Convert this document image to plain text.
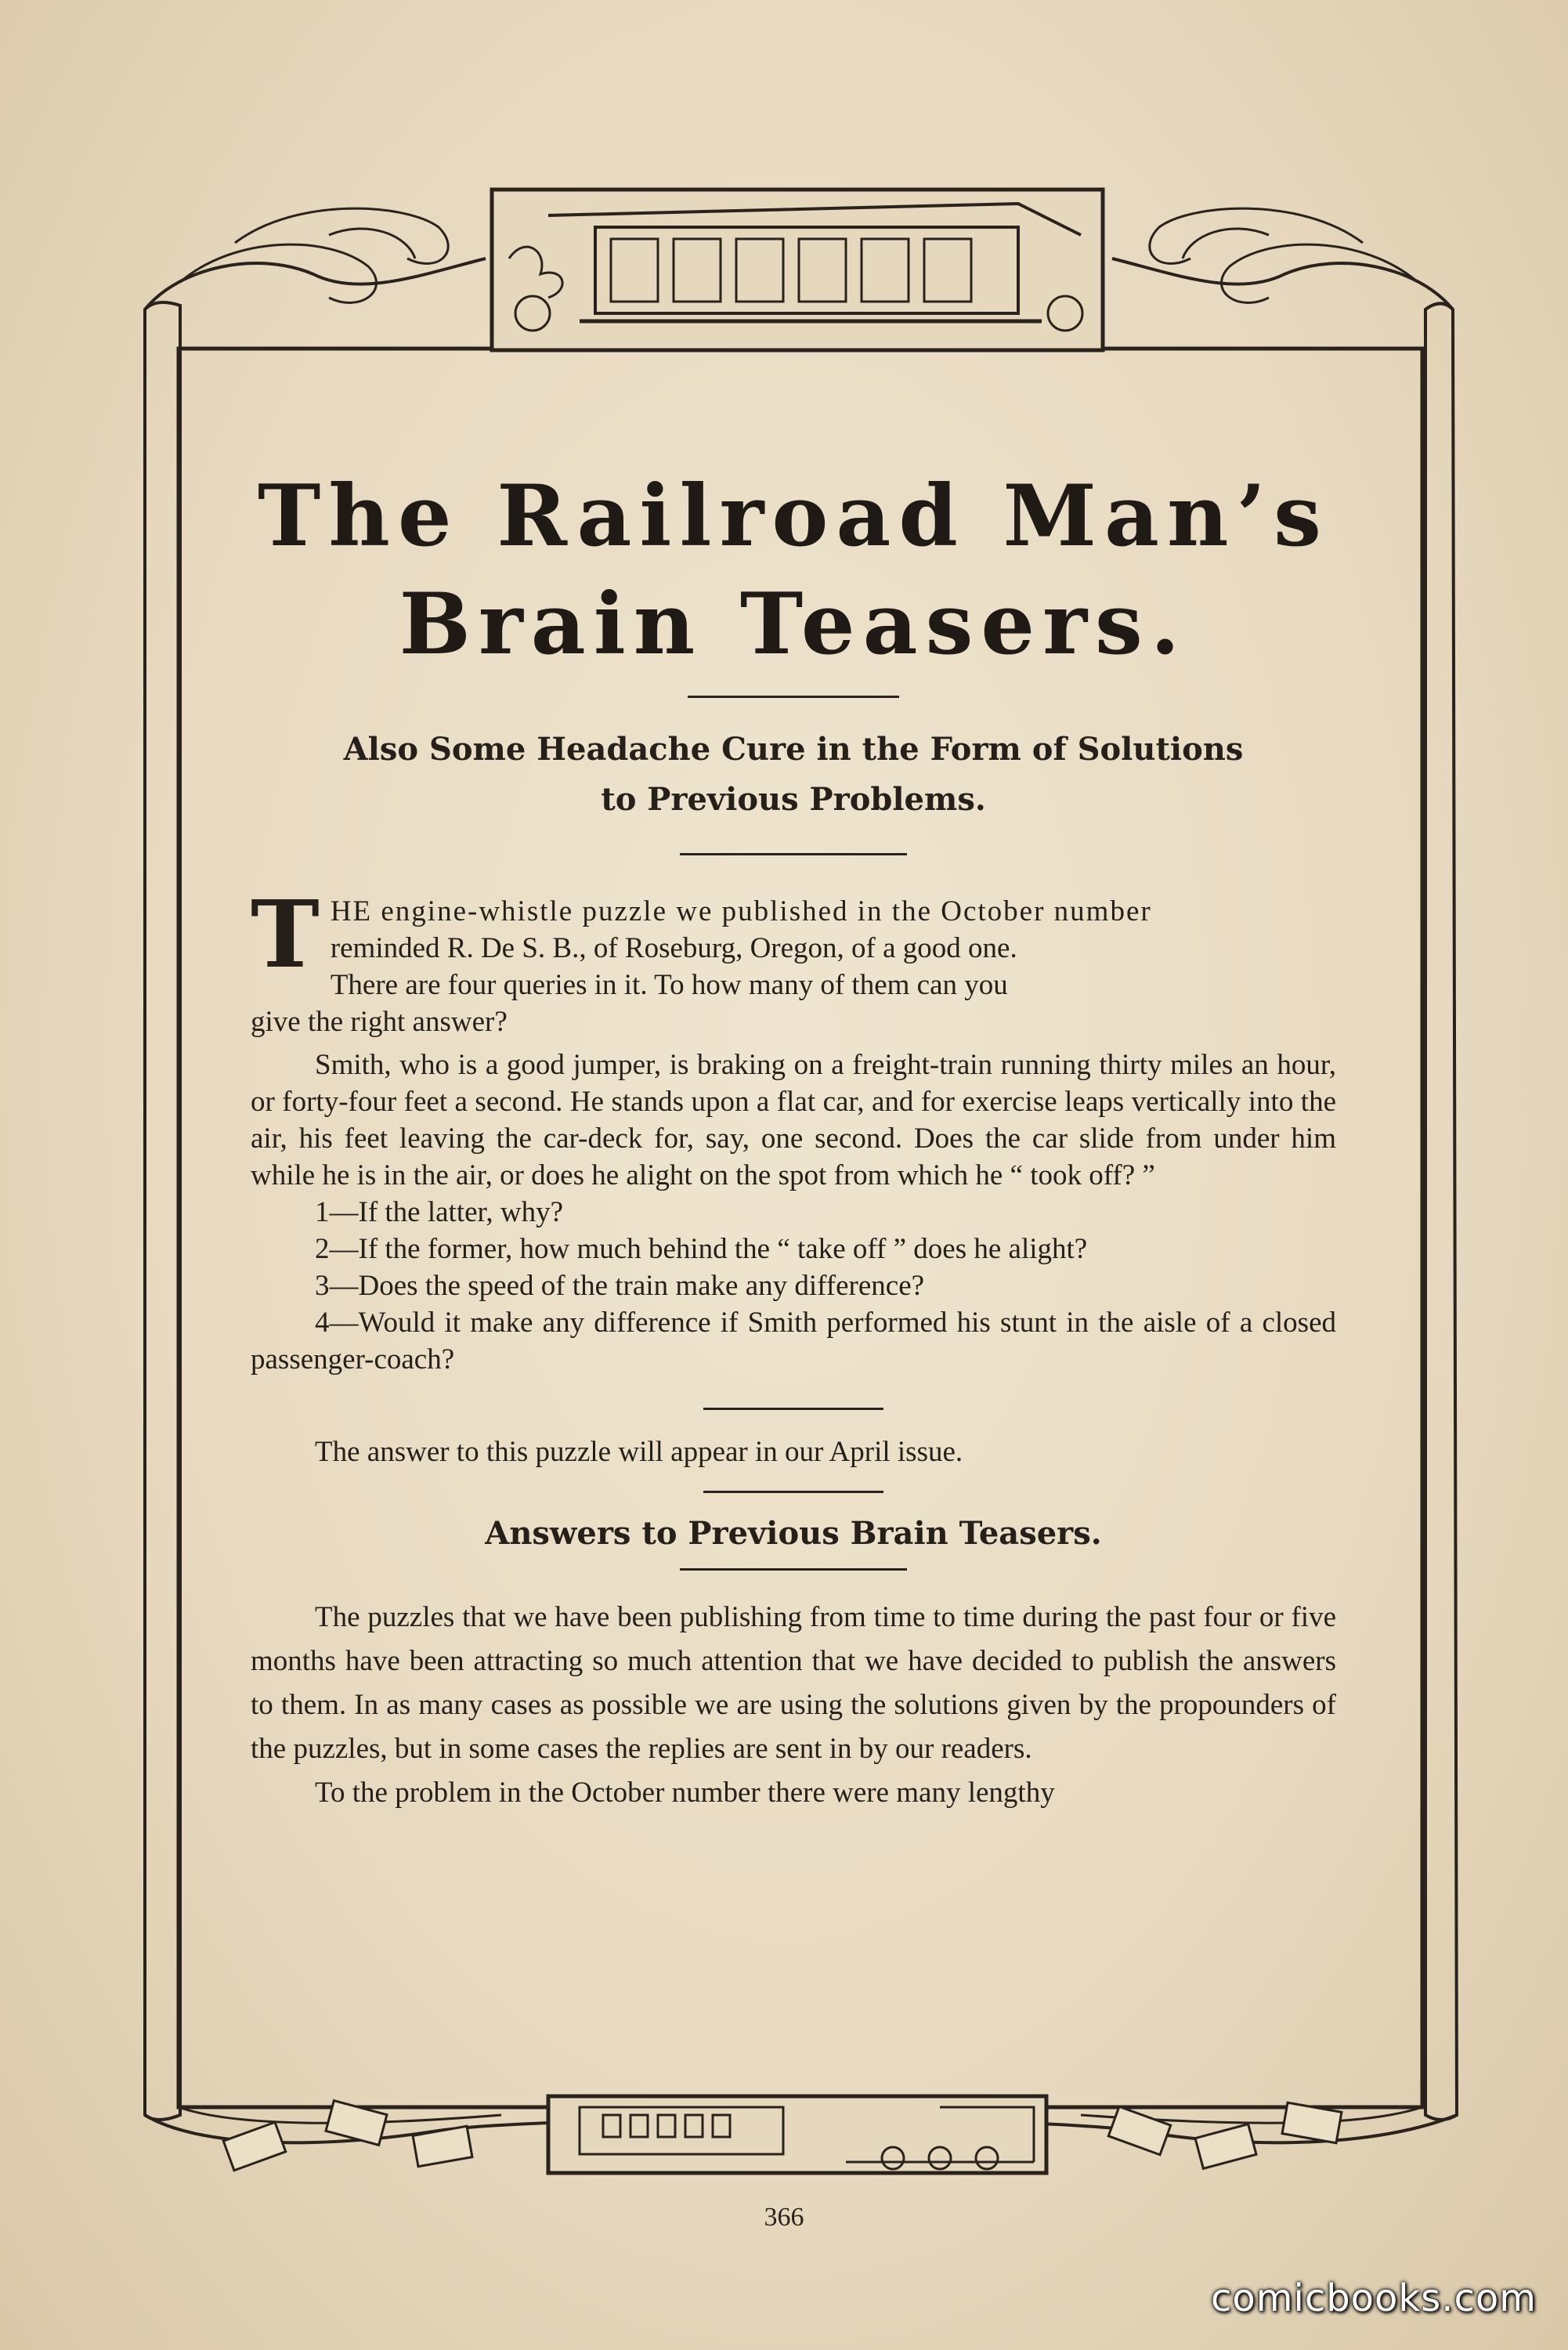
The Railroad Man’s
Brain Teasers.

Also Some Headache Cure in the Form of Solutions

to Previous Problems.

T HE engine-whistle puzzle we published in the October number

reminded R. De S. B., of Roseburg, Oregon, of a good one.

There are four queries in it. To how many of them can you

give the right answer?

Smith, who is a good jumper, is braking on a freight-train running thirty miles an hour, or forty-four feet a second. He stands upon a flat car, and for exercise leaps vertically into the air, his feet leaving the car-deck for, say, one second. Does the car slide from under him while he is in the air, or does he alight on the spot from which he “ took off? ”

1—If the latter, why?

2—If the former, how much behind the “ take off ” does he alight?

3—Does the speed of the train make any difference?

4—Would it make any difference if Smith performed his stunt in the aisle of a closed passenger-coach?

The answer to this puzzle will appear in our April issue.

Answers to Previous Brain Teasers.

The puzzles that we have been publishing from time to time during the past four or five months have been attracting so much attention that we have decided to publish the answers to them. In as many cases as possible we are using the solutions given by the propounders of the puzzles, but in some cases the replies are sent in by our readers.

To the problem in the October number there were many lengthy

366
comicbooks.com
